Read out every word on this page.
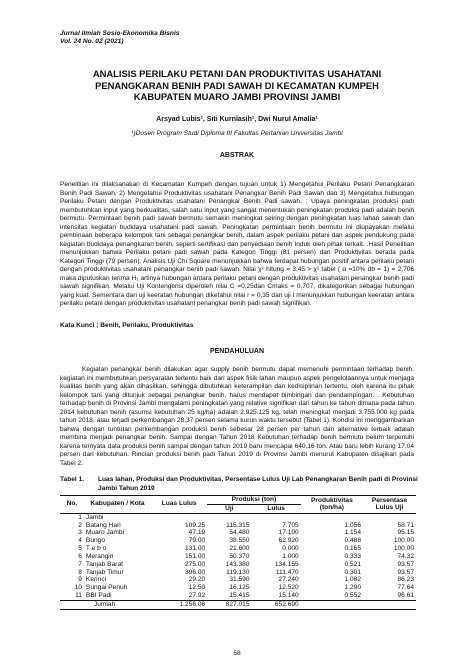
Jurnal Ilmiah Sosio-Ekonomika Bisnis
Vol. 24 No. 02 (2021)
ANALISIS PERILAKU PETANI DAN PRODUKTIVITAS USAHATANI
PENANGKARAN BENIH PADI SAWAH DI KECAMATAN KUMPEH
KABUPATEN MUARO JAMBI PROVINSI JAMBI
Arsyad Lubis¹, Siti Kurniasih¹, Dwi Nurul Amalia¹
¹)Dosen Program Studi Diploma III Fakultas Pertanian Universitas Jambi
ABSTRAK

Penelitian ini dilaksanakan di Kecamatan Kumpeh dengan tujuan untuk 1) Mengetahui Perilaku Petani Penangkaran Benih Padi Sawah, 2) Mengetahui Produktivitas usahatani Penangkar Benih Padi Sawah dan 3) Mengetahui hubungan Perilaku Petani dengan Produktivitas usahatani Penangkar Benih Padi sawah. : Upaya peningkatan produksi padi membutuhkan input yang berkualitas, salah satu input yang sangat menentukan peningkatan produksi padi adalah benih bermutu. Permintaan benih padi sawah bermutu semakin meningkat seiring dengan peningkatan luas lahan sawah dan intensitas kegiatan budidaya usahatani padi sawah. Peningkatan permintaan benih bermutu ini diupayakan melalui pembinaan beberapa kelompok tani sebagai penangkar benih, dalam aspek perilaku petani dan aspek pendukung pada kegiatan budidaya penangkaran benih, seperti sertifikasi dan penyediaan benih Induk oleh pihak terkait. .Hasil Penelitian menunjukkan bahwa Perilaku petani padi sawah pada Kategori Tinggi (81 persen) dan Produktivitas berada pada Kategori Tinggi (79 persen). Analisis Uji Chi Square menunjukkan bahwa terdapat hubungan positif antara perilaku petani dengan produktivitas usahatani penangkar benih padi sawah. Nilai χ² hitung = 3,45 > χ² tabel ( α =10% db = 1) = 2,706 maka diputuskan terima H₁ artinya hubungan antara perilaku petani dengan produktivitas usahatani penangkar benih padi sawah signifikan. Melalui Uji Kontengensi diperoleh nilai C =0,25dan Cmaks = 0,707, dikategorikan sebagai hubungan yang kuat. Sementara dari uji keeratan hubungan diketahui nilai r = 0,35 dan uji t menunjukkan hubungan keeratan antara perilaku petani dengan produktivitas usahatani penangkar benih padi sawah signifikan.

Kata Kunci ; Benih, Perilaku, Produktivitas
PENDAHULUAN

Kegiatan penangkar benih dilakukan agar supply benih bermutu dapat memenuhi permintaan terhadap benih, kegiatan ini membutuhkan persyaratan tertentu baik dari aspek fisik lahan maupun aspek pengelolaannya untuk menjaga kualitas benih yang akan dihasilkan, sehingga dibutuhkan keterampilan dan kedisiplinan tertentu, oleh karena itu pihak kelompok tani yang ditunjuk sebagai penangkar benih, harus mendapat bimbingan dan pendampingan. . Kebutuhan terhadap benih di Provinsi Jambi mengalami peningkatan yang relative signifikan dari tahun ke tahun dimana pada tahun 2014 kebutuhan benih (asumsi kebutuhan 25 kg/ha) adalah 2.925.125 kg, telah meningkat menjadi 3.755.000 kg pada tahun 2018, atau terjadi perkembangan 28,37 persen selama kurun waktu tersebut (Tabel 1). Kondisi ini menggambarkan bahwa dengan tuntutan perkembangan produksi benih sebesar 28 persen per tahun dan alternative terbaik adalah membina menjadi penangkar benih. Sampai dengan Tahun 2018 Kebutuhan terhadap benih bermutu belum terpenuhi karena ternyata data produksi benih sampai dengan tahun 2019 baru mencapai 640,16 ton. Atau baru lebih kurang 17,04 persen dari kebutuhan. Rincian produksi benih padi Tahun 2019 di Provinsi Jambi menurut Kabupaten disajikan pada Tabel 2.

Tabel 1. Luas lahan, Produksi dan Produktivitas, Persentase Lulus Uji Lab Penangkaran Benih padi di Provinsi Jambi Tahun 2019
No.	Kabupaten / Kota	Luas Lulus	Produksi (ton)		Produktivitas (ton/ha)	Persentase Lulus Uji
			Uji	Lulus		
1	Jambi					
2	Batang Hari	109.25	115.315	7.705	1.056	58.71
3	Muaro Jambi	47.19	54.480	17.100	1.154	95.15
4	Bungo	79.00	38.550	62.920	0.488	100.00
5	T e b o	131.00	21.600	0.000	0.165	100.00
6	Merangin	151.00	50.370	1.000	0.333	74.32
7	Tanjab Barat	275.00	143.380	134.155	0.521	93.57
8	Tanjab Timur	396.00	119.130	111.470	0.301	93.57
9	Kerinci	29.20	31.590	27.240	1.082	86.23
10	Sungai Penuh	12.50	16.125	12.520	1.290	77.64
11	BBI Padi	27.92	15.415	15.140	0.552	96.61
	Jumlah	1.256.06	827.015	652.690		
58
